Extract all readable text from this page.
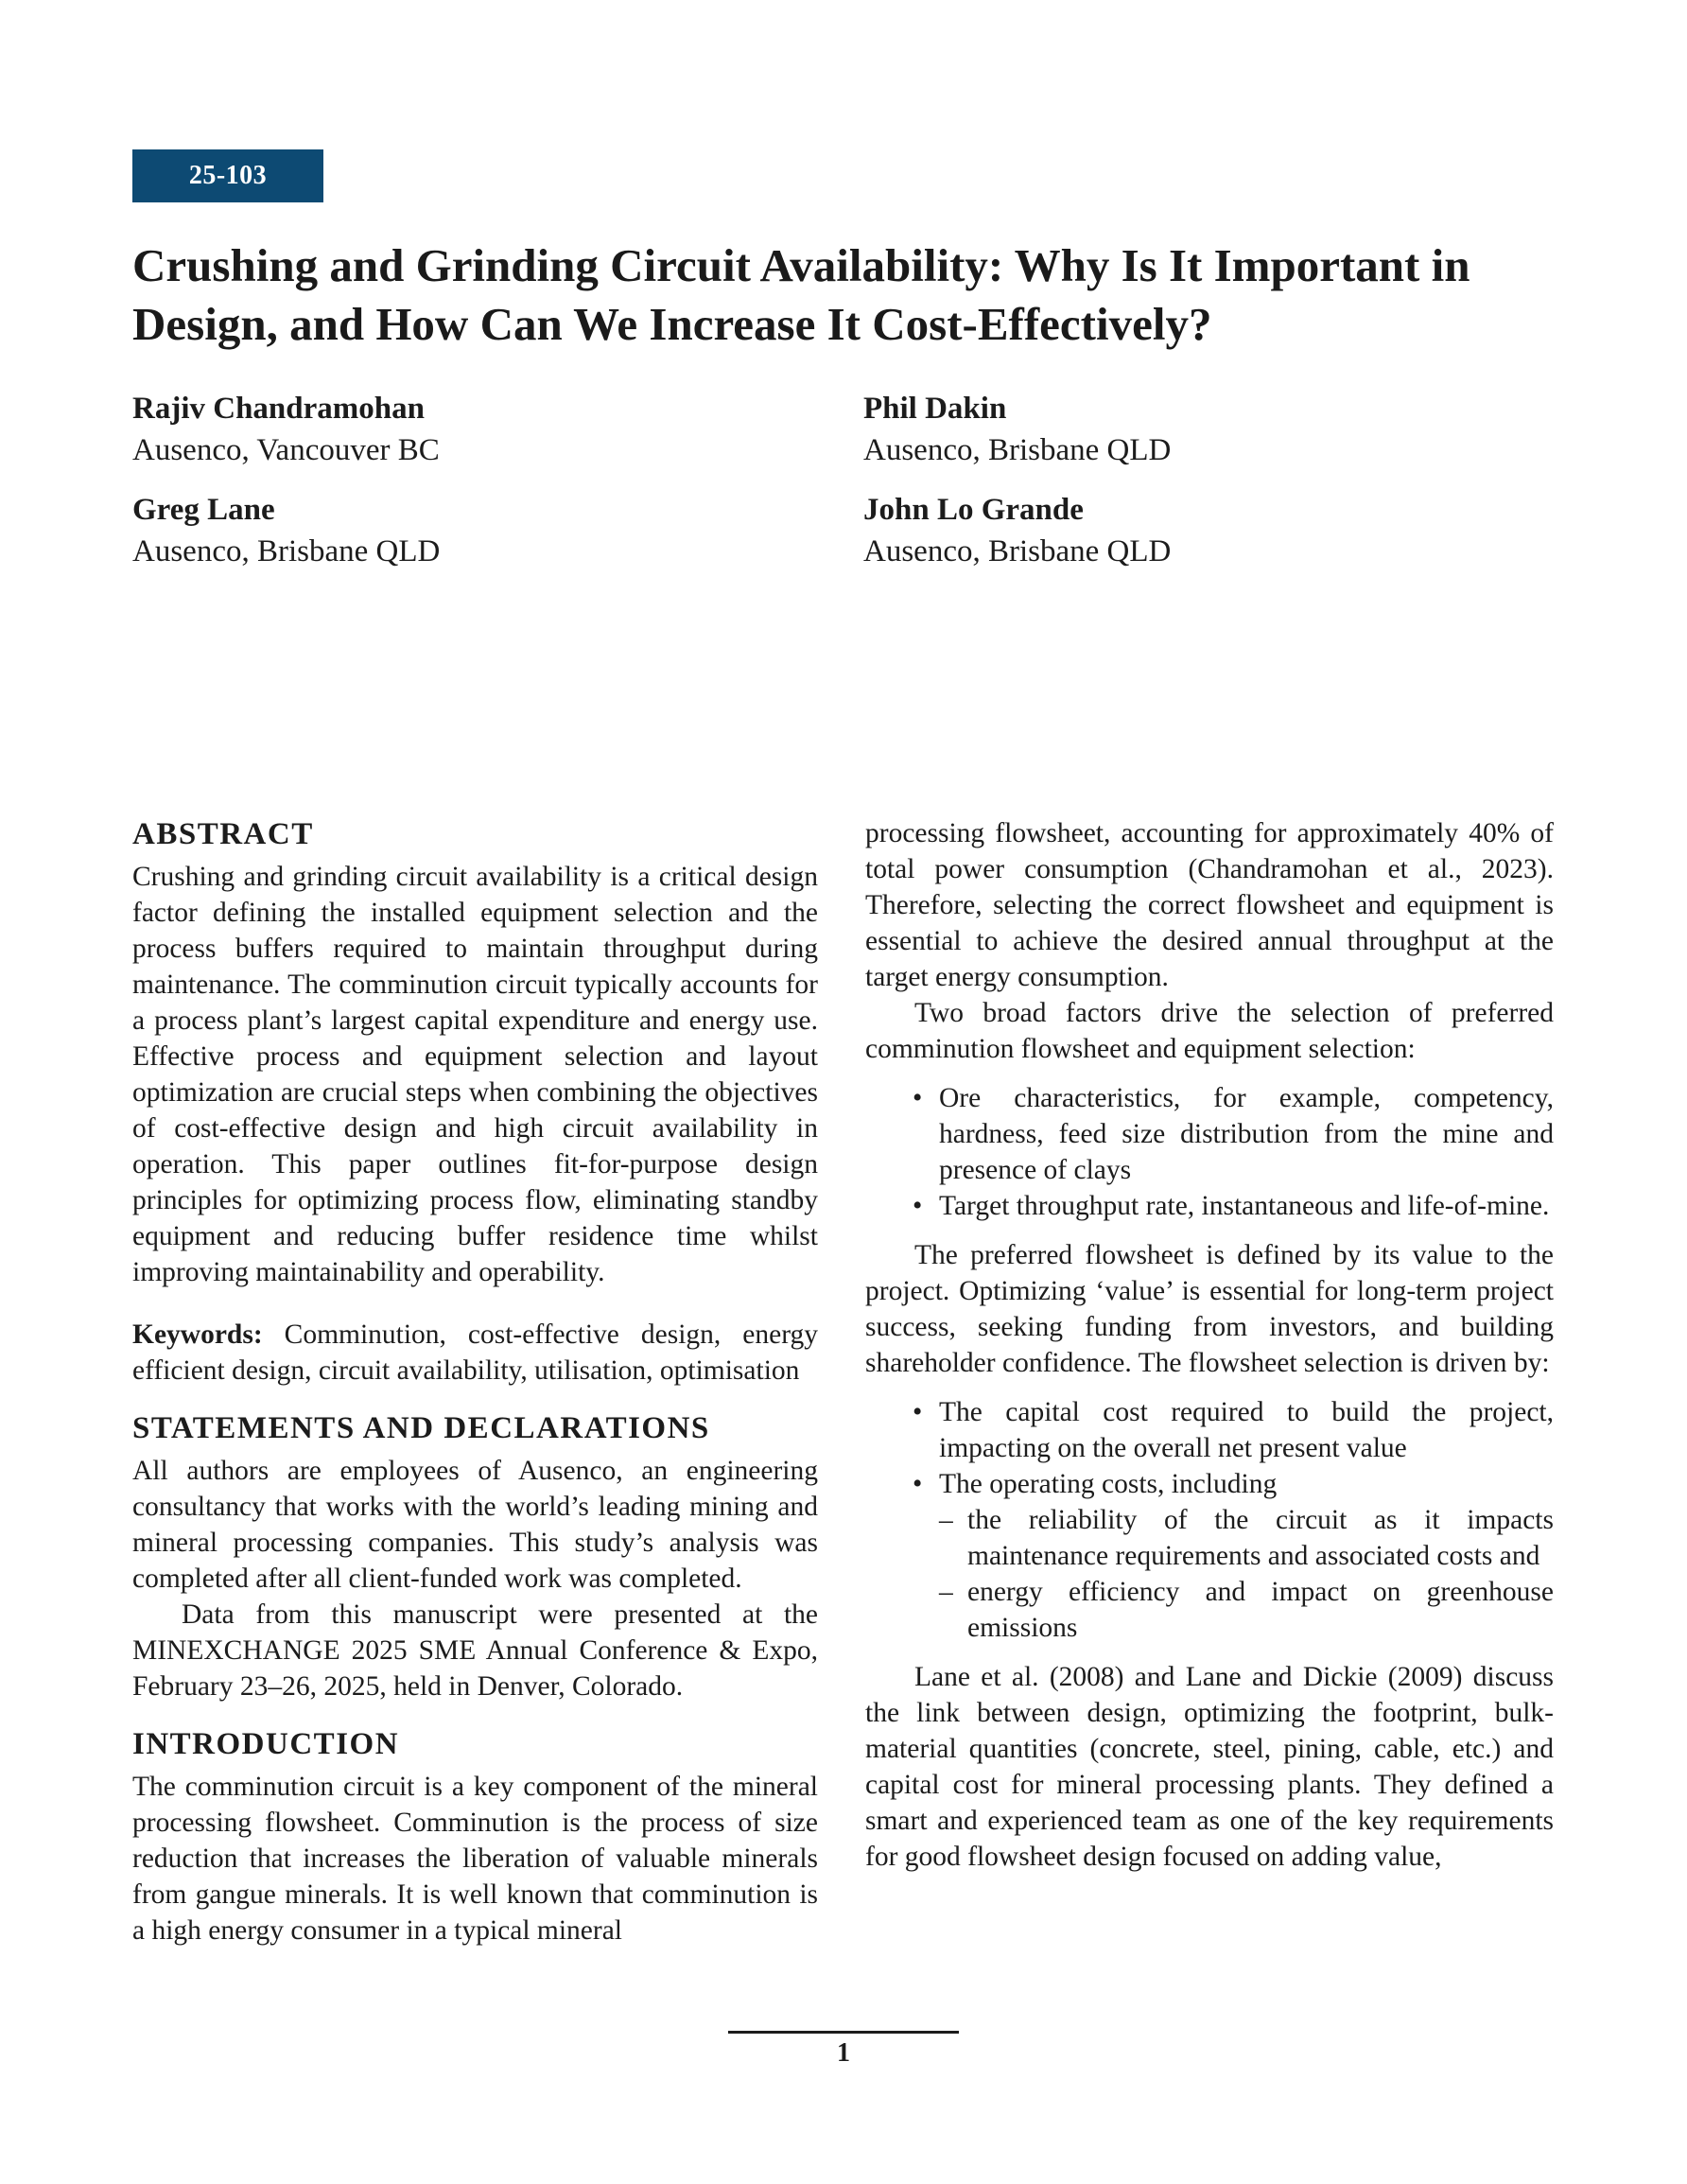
25-103
Crushing and Grinding Circuit Availability: Why Is It Important in Design, and How Can We Increase It Cost-Effectively?
Rajiv Chandramohan
Ausenco, Vancouver BC
Phil Dakin
Ausenco, Brisbane QLD
Greg Lane
Ausenco, Brisbane QLD
John Lo Grande
Ausenco, Brisbane QLD
ABSTRACT

Crushing and grinding circuit availability is a critical design factor defining the installed equipment selection and the process buffers required to maintain throughput during maintenance. The comminution circuit typically accounts for a process plant’s largest capital expenditure and energy use. Effective process and equipment selection and layout optimization are crucial steps when combining the objectives of cost-effective design and high circuit availability in operation. This paper outlines fit-for-purpose design principles for optimizing process flow, eliminating standby equipment and reducing buffer residence time whilst improving maintainability and operability.

Keywords: Comminution, cost-effective design, energy efficient design, circuit availability, utilisation, optimisation

STATEMENTS AND DECLARATIONS

All authors are employees of Ausenco, an engineering consultancy that works with the world’s leading mining and mineral processing companies. This study’s analysis was completed after all client-funded work was completed.

Data from this manuscript were presented at the MINEXCHANGE 2025 SME Annual Conference & Expo, February 23–26, 2025, held in Denver, Colorado.

INTRODUCTION

The comminution circuit is a key component of the mineral processing flowsheet. Comminution is the process of size reduction that increases the liberation of valuable minerals from gangue minerals. It is well known that comminution is a high energy consumer in a typical mineral

processing flowsheet, accounting for approximately 40% of total power consumption (Chandramohan et al., 2023). Therefore, selecting the correct flowsheet and equipment is essential to achieve the desired annual throughput at the target energy consumption.

Two broad factors drive the selection of preferred comminution flowsheet and equipment selection:

• Ore characteristics, for example, competency, hardness, feed size distribution from the mine and presence of clays
• Target throughput rate, instantaneous and life-of-mine.

The preferred flowsheet is defined by its value to the project. Optimizing ‘value’ is essential for long-term project success, seeking funding from investors, and building shareholder confidence. The flowsheet selection is driven by:

• The capital cost required to build the project, impacting on the overall net present value
• The operating costs, including
– the reliability of the circuit as it impacts maintenance requirements and associated costs and
– energy efficiency and impact on greenhouse emissions

Lane et al. (2008) and Lane and Dickie (2009) discuss the link between design, optimizing the footprint, bulk-material quantities (concrete, steel, pining, cable, etc.) and capital cost for mineral processing plants. They defined a smart and experienced team as one of the key requirements for good flowsheet design focused on adding value,

1
